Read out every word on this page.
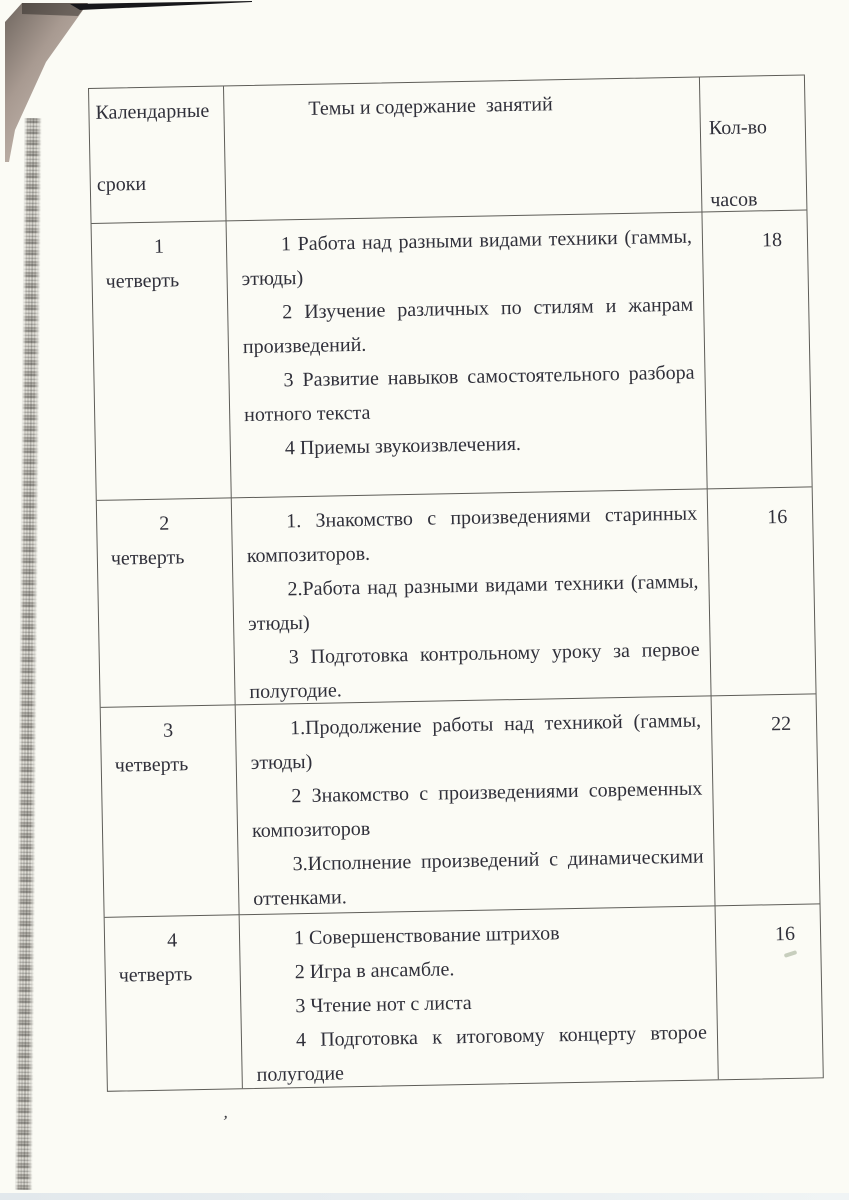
Календарные
сроки
Темы и содержание  занятий
Кол-во
часов
1
четверть

1 Работа над разными видами техники (гаммы, этюды)

2 Изучение различных по стилям и жанрам произведений.

3 Развитие навыков самостоятельного разбора нотного текста

4 Приемы звукоизвлечения.

18
2
четверть

1. Знакомство с произведениями старинных композиторов.

2.Работа над разными видами техники (гаммы, этюды)

3 Подготовка контрольному уроку за первое полугодие.

16
3
четверть

1.Продолжение работы над техникой (гаммы, этюды)

2 Знакомство с произведениями современных композиторов

3.Исполнение произведений с динамическими оттенками.

22
4
четверть

1 Совершенствование штрихов

2 Игра в ансамбле.

3 Чтение нот с листа

4 Подготовка к итоговому концерту второе полугодие

16
’
